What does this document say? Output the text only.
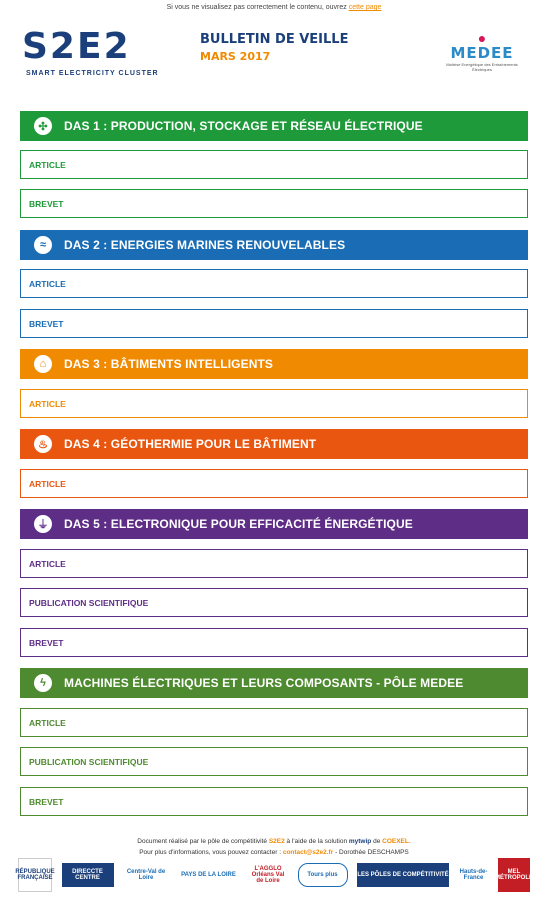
Si vous ne visualisez pas correctement le contenu, ouvrez cette page
S2E2
SMART ELECTRICITY CLUSTER
BULLETIN DE VEILLE
MARS 2017
●
MEDEE
Maîtrise Energétique des Entraînements Électriques
✣	DAS 1 : PRODUCTION, STOCKAGE ET RÉSEAU ÉLECTRIQUE
ARTICLE
BREVET
≈	DAS 2 : ENERGIES MARINES RENOUVELABLES
ARTICLE
BREVET
⌂	DAS 3 : BÂTIMENTS INTELLIGENTS
ARTICLE
♨	DAS 4 : GÉOTHERMIE POUR LE BÂTIMENT
ARTICLE
⏚ DAS 5 : ELECTRONIQUE POUR EFFICACITÉ ÉNERGÉTIQUE
ARTICLE
PUBLICATION SCIENTIFIQUE
BREVET
ϟ	MACHINES ÉLECTRIQUES ET LEURS COMPOSANTS - PÔLE MEDEE
ARTICLE
PUBLICATION SCIENTIFIQUE
BREVET
Document réalisé par le pôle de compétitivité S2E2 à l'aide de la solution mytwip de COEXEL.
Pour plus d'informations, vous pouvez contacter : contact@s2e2.fr - Dorothée DESCHAMPS
RÉPUBLIQUE FRANÇAISE
DIRECCTE CENTRE
Centre-Val de Loire	PAYS DE LA LOIRE
L'AGGLO Orléans Val de Loire
Tours plus	LES PÔLES DE COMPÉTITIVITÉ Hauts-de-France
MEL MÉTROPOLE
